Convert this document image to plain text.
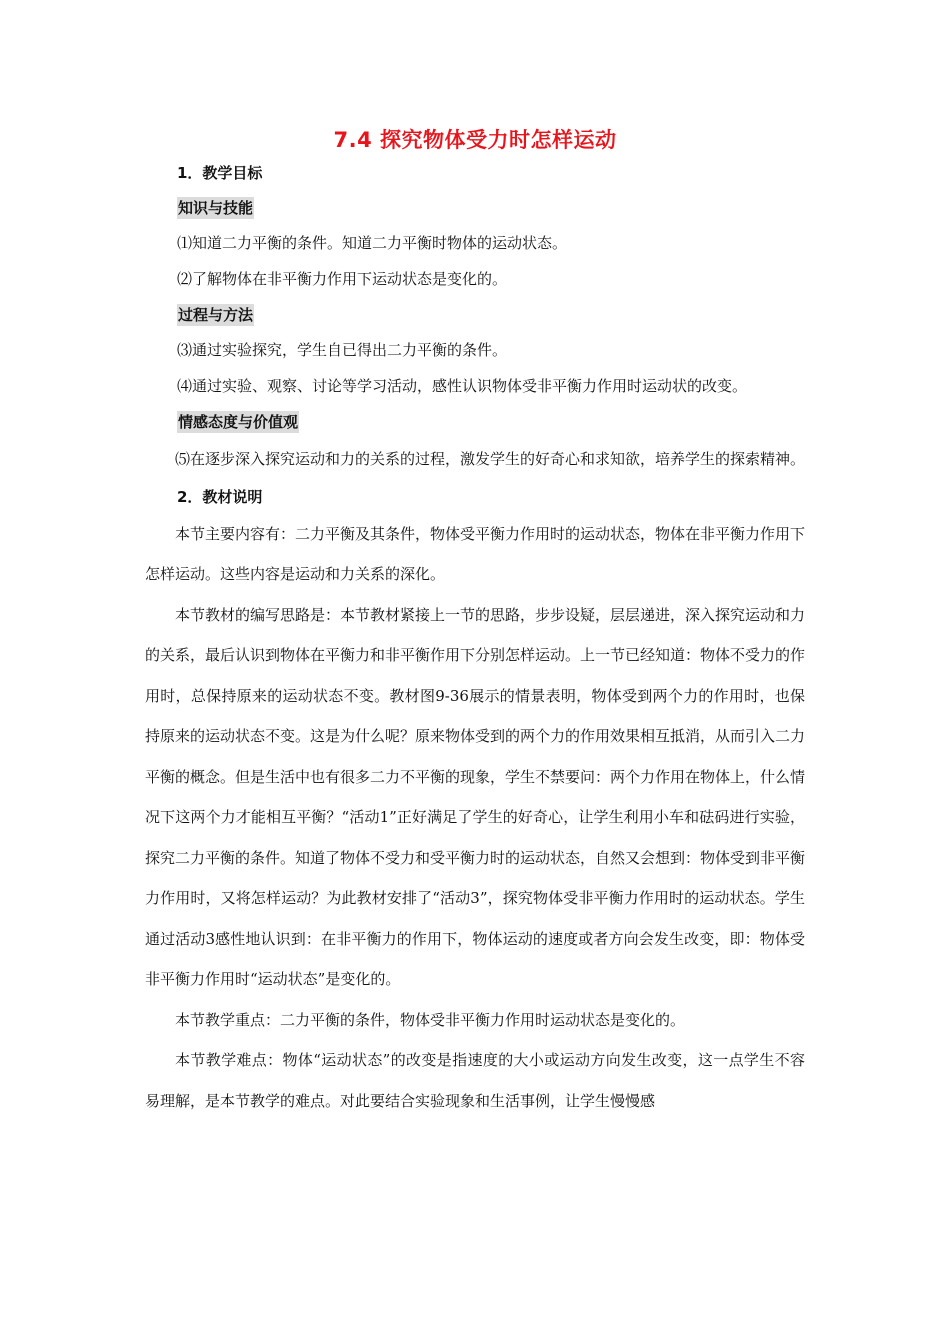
7.4 探究物体受力时怎样运动
1．教学目标
知识与技能
⑴知道二力平衡的条件。知道二力平衡时物体的运动状态。
⑵了解物体在非平衡力作用下运动状态是变化的。
过程与方法
⑶通过实验探究，学生自已得出二力平衡的条件。
⑷通过实验、观察、讨论等学习活动，感性认识物体受非平衡力作用时运动状的改变。
情感态度与价值观

⑸在逐步深入探究运动和力的关系的过程，激发学生的好奇心和求知欲，培养学生的探索精神。

2．教材说明

本节主要内容有：二力平衡及其条件，物体受平衡力作用时的运动状态，物体在非平衡力作用下怎样运动。这些内容是运动和力关系的深化。

本节教材的编写思路是：本节教材紧接上一节的思路，步步设疑，层层递进，深入探究运动和力的关系，最后认识到物体在平衡力和非平衡作用下分别怎样运动。上一节已经知道：物体不受力的作用时，总保持原来的运动状态不变。教材图9-36展示的情景表明，物体受到两个力的作用时，也保持原来的运动状态不变。这是为什么呢？原来物体受到的两个力的作用效果相互抵消，从而引入二力平衡的概念。但是生活中也有很多二力不平衡的现象，学生不禁要问：两个力作用在物体上，什么情况下这两个力才能相互平衡？“活动1”正好满足了学生的好奇心，让学生利用小车和砝码进行实验，探究二力平衡的条件。知道了物体不受力和受平衡力时的运动状态，自然又会想到：物体受到非平衡力作用时，又将怎样运动？为此教材安排了“活动3”，探究物体受非平衡力作用时的运动状态。学生通过活动3感性地认识到：在非平衡力的作用下，物体运动的速度或者方向会发生改变，即：物体受非平衡力作用时“运动状态”是变化的。

本节教学重点：二力平衡的条件，物体受非平衡力作用时运动状态是变化的。

本节教学难点：物体“运动状态”的改变是指速度的大小或运动方向发生改变，这一点学生不容易理解，是本节教学的难点。对此要结合实验现象和生活事例，让学生慢慢感
